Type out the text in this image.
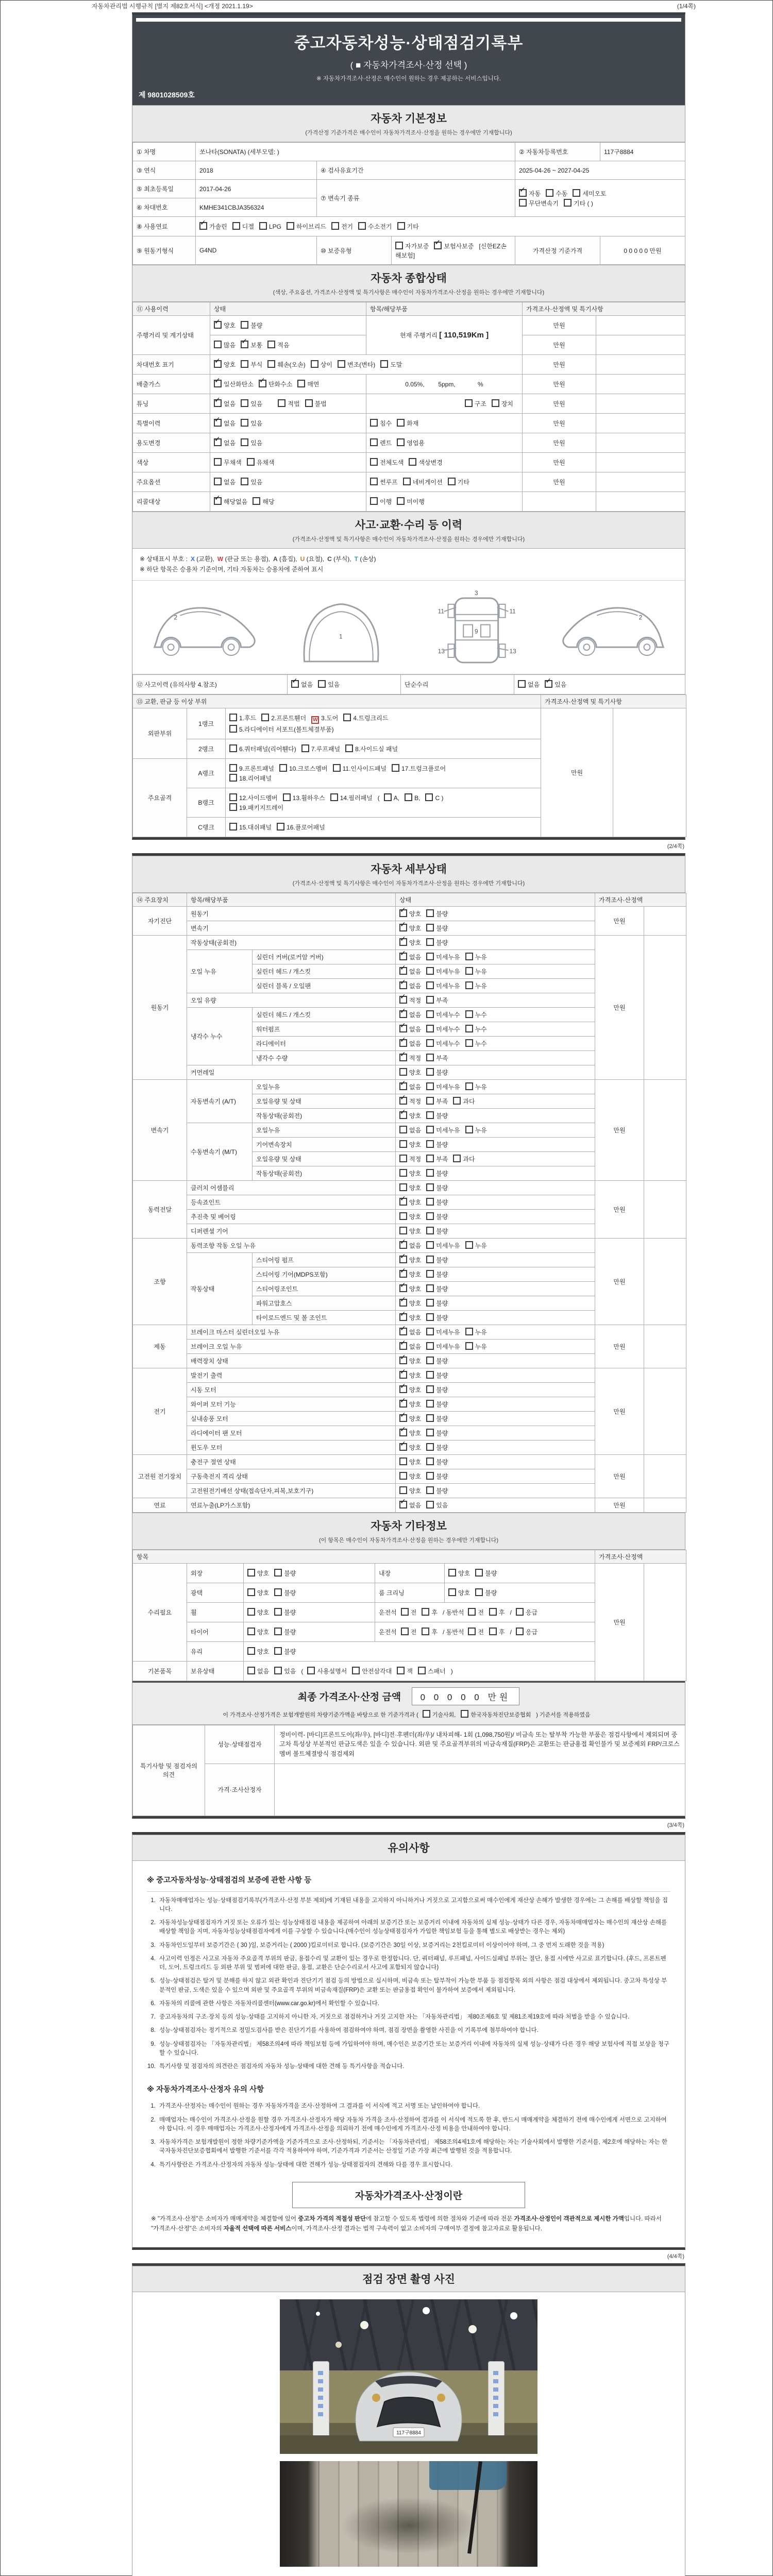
자동차관리법 시행규칙 [별지 제82호서식] <개정 2021.1.19>	(1/4쪽)
중고자동차성능·상태점검기록부
( ■ 자동차가격조사·산정 선택 )
※ 자동차가격조사·산정은 매수인이 원하는 경우 제공하는 서비스입니다.
제 9801028509호
자동차 기본정보
(가격산정 기준가격은 매수인이 자동차가격조사·산정을 원하는 경우에만 기재합니다)
① 차명	쏘나타(SONATA) (세부모델: )			② 자동차등록번호	117구8884
③ 연식	2018	④ 검사유효기간		2025-04-26 ~ 2027-04-25	
⑤ 최초등록일	2017-04-26	⑦ 변속기 종류	✓자동 수동 세미오토
무단변속기 기타 ( )
⑥ 차대번호	KMHE341CBJA356324				
⑧ 사용연료	✓가솔린 디젤 LPG 하이브리드 전기 수소전기 기타
⑨ 원동기형식	G4ND	⑩ 보증유형	자가보증 ✓ 보험사보증 [신한EZ손해보험]	가격산정 기준가격	0 0 0 0 0 만원
자동차 종합상태
(색상, 주요옵션, 가격조사·산정액 및 특기사항은 매수인이 자동차가격조사·산정을 원하는 경우에만 기재합니다)
⑪ 사용이력	상태	항목/해당부품	가격조사·산정액 및 특기사항	
주행거리 및 계기상태	✓양호 불량	현재 주행거리 [ 110,519Km ]	만원	
	많음 ✓ 보통 적음		만원	
차대번호 표기	✓양호 부식 훼손(오손) 상이 변조(변타) 도말		만원	
배출가스	✓일산화탄소 ✓ 탄화수소 매연	0.05%,        5ppm,             %	만원	
튜닝	✓없음 있음　 적법 불법	구조 장치	만원	
특별이력	✓없음 있음	침수 화재	만원	
용도변경	✓없음 있음	렌트 영업용	만원	
색상	무채색 유채색	전체도색 색상변경	만원	
주요옵션	없음 있음	썬루프 네비게이션 기타	만원	
리콜대상	✓해당없음 해당	이행 미이행		
사고·교환·수리 등 이력
(가격조사·산정액 및 특기사항은 매수인이 자동차가격조사·산정을 원하는 경우에만 기재합니다)
※ 상태표시 부호 : X (교환), W (판금 또는 용접), A (흠집), U (요철), C (부식), T (손상)
※ 하단 항목은 승용차 기준이며, 기타 자동차는 승용차에 준하여 표시
2
1
3
9
11	11
13	13
2
⑫ 사고이력 (유의사항 4.참조)	✓없음 있음	단순수리	없음 ✓ 있음
⑬ 교환, 판금 등 이상 부위			가격조사·산정액 및 특기사항	
외판부위	1랭크	1.후드 2.프론트휀더 W 3.도어 4.트렁크리드
5.라디에이터 서포트(볼트체결부품)	만원	
	2랭크	6.쿼터패널(리어휀다) 7.루프패널 8.사이드실 패널		
주요골격	A랭크	9.프론트패널 10.크로스멤버 11.인사이드패널 17.트렁크플로어
18.리어패널		
	B랭크	12.사이드멤버 13.휠하우스 14.필러패널 ( A, B, C )
19.패키지트레이		
	C랭크	15.대쉬패널 16.플로어패널		
(2/4쪽)
자동차 세부상태
(가격조사·산정액 및 특기사항은 매수인이 자동차가격조사·산정을 원하는 경우에만 기재합니다)
⑭ 주요장치	항목/해당부품		상태	가격조사·산정액	
자기진단	원동기	✓양호 불량	만원	
	변속기	✓양호 불량
원동기	작동상태(공회전)	✓양호 불량	만원	
	오일 누유	실린더 커버(로커암 커버)	✓없음 미세누유 누유
		실린더 헤드 / 개스킷	✓없음 미세누유 누유
		실린더 블록 / 오일팬	✓없음 미세누유 누유
	오일 유량	✓적정 부족
	냉각수 누수	실린더 헤드 / 개스킷	✓없음 미세누수 누수
		워터펌프	✓없음 미세누수 누수
		라디에이터	✓없음 미세누수 누수
		냉각수 수량	✓적정 부족
	커먼레일		양호 불량		
변속기	자동변속기 (A/T)	오일누유	✓없음 미세누유 누유	만원	
		오일유량 및 상태	✓적정 부족 과다
		작동상태(공회전)	✓양호 불량
	수동변속기 (M/T)	오일누유	없음 미세누유 누유		
		기어변속장치	양호 불량		
		오일유량 및 상태	적정 부족 과다		
		작동상태(공회전)	양호 불량		
동력전달	클러치 어셈블리		양호 불량	만원	
	등속죠인트	✓양호 불량
	추진축 및 베어링		양호 불량		
	디퍼렌셜 기어		양호 불량		
조향	동력조향 작동 오일 누유	✓없음 미세누유 누유	만원	
	작동상태	스티어링 펌프	✓양호 불량
		스티어링 기어(MDPS포함)	✓양호 불량
		스티어링조인트	✓양호 불량
		파워고압호스	✓양호 불량
		타이로드엔드 및 볼 조인트	✓양호 불량
제동	브레이크 마스터 실린더오일 누유	✓없음 미세누유 누유	만원	
	브레이크 오일 누유	✓없음 미세누유 누유
	배력장치 상태	✓양호 불량
전기	발전기 출력	✓양호 불량	만원	
	시동 모터	✓양호 불량
	와이퍼 모터 기능	✓양호 불량
	실내송풍 모터	✓양호 불량
	라디에이터 팬 모터	✓양호 불량
	윈도우 모터	✓양호 불량
고전원 전기장치	충전구 절연 상태		양호 불량	만원	
	구동축전지 격리 상태		양호 불량		
	고전원전기배선 상태(접속단자,피복,보호기구)		양호 불량		
연료	연료누출(LP가스포함)	✓없음 있음	만원	
자동차 기타정보
(이 항목은 매수인이 자동차가격조사·산정을 원하는 경우에만 기재합니다)
항목					가격조사·산정액	
수리필요	외장	양호 불량	내장	양호 불량	만원	
	광택	양호 불량	룸 크리닝	양호 불량		
	휠	양호 불량	운전석 전 후 / 동반석 전 후 / 응급			
	타이어	양호 불량	운전석 전 후 / 동반석 전 후 / 응급			
	유리	양호 불량				
기본품목	보유상태	없음 있음 ( 사용설명서 안전삼각대 잭 스패너 )				
최종 가격조사·산정 금액 0 0 0 0 0 만원
이 가격조사·산정가격은 보험개발원의 차량기준가액을 바탕으로 한 기준가격과 ( 기술사회,	한국자동차진단보증협회 ) 기준서를 적용하였음
특기사항 및 점검자의 의견	성능·상태점검자	정비이력- [바디]프론트도어(좌/우), [바디]전·후펜더(좌/우)/ 내차피해- 1회 (1,098,750원)/ 비금속 또는 탈부착 가능한 부품은 점검사항에서 제외되며 중고차 특성상 부분적인 판금도색은 있을 수 있습니다. 외판 및 주요골격부위의 비금속재질(FRP)은 교환또는 판금용접 확인불가 및 보증제외 FRP/크로스멤버 볼트체결방식 점검제외
	가격·조사산정자	
(3/4쪽)
유의사항
※ 중고자동차성능·상태점검의 보증에 관한 사항 등
1. 자동차매매업자는 성능·상태점검기록부(가격조사·산정 부분 제외)에 기재된 내용을 고지하지 아니하거나 거짓으로 고지함으로써 매수인에게 재산상 손해가 발생한 경우에는 그 손해를 배상할 책임을 집니다.
2. 자동차성능상태점검자가 거짓 또는 오류가 있는 성능상태점검 내용을 제공하여 아래의 보증기간 또는 보증거리 이내에 자동차의 실제 성능·상태가 다른 경우, 자동차매매업자는 매수인의 재산상 손해를 배상할 책임을 지며, 자동차성능상태점검자에게 이를 구상할 수 있습니다.(매수인이 성능상태점검자가 가입한 책임보험 등을 통해 별도로 배상받는 경우는 제외)
3. 자동차인도일부터 보증기간은 ( 30 )일, 보증거리는 ( 2000 )킬로미터로 합니다. (보증기간은 30일 이상, 보증거리는 2천킬로미터 이상이어야 하며, 그 중 먼저 도래한 것을 적용)
4. 사고이력 인정은 사고로 자동차 주요골격 부위의 판금, 용접수리 및 교환이 있는 경우로 한정합니다. 단, 쿼터패널, 루프패널, 사이드실패널 부위는 절단, 용접 시에만 사고로 표기합니다. (후드, 프론트펜더, 도어, 트렁크리드 등 외판 부위 및 범퍼에 대한 판금, 용접, 교환은 단순수리로서 사고에 포함되지 않습니다)
5. 성능·상태점검은 탈거 및 분해를 하지 않고 외관 확인과 진단기기 점검 등의 방법으로 실시하며, 비금속 또는 탈부착이 가능한 부품 등 점검항목 외의 사항은 점검 대상에서 제외됩니다. 중고차 특성상 부분적인 판금, 도색은 있을 수 있으며 외판 및 주요골격 부위의 비금속재질(FRP)은 교환 또는 판금용접 확인이 불가하여 보증에서 제외됩니다.
6. 자동차의 리콜에 관한 사항은 자동차리콜센터(www.car.go.kr)에서 확인할 수 있습니다.
7. 중고자동차의 구조·장치 등의 성능·상태를 고지하지 아니한 자, 거짓으로 점검하거나 거짓 고지한 자는 「자동차관리법」 제80조제6호 및 제81조제19호에 따라 처벌을 받을 수 있습니다.
8. 성능·상태점검자는 정기적으로 정밀도검사를 받은 진단기기를 사용하여 점검하여야 하며, 점검 장면을 촬영한 사진을 이 기록부에 첨부하여야 합니다.
9. 성능·상태점검자는 「자동차관리법」 제58조의4에 따라 책임보험 등에 가입하여야 하며, 매수인은 보증기간 또는 보증거리 이내에 자동차의 실제 성능·상태가 다른 경우 해당 보험사에 직접 보상을 청구할 수 있습니다.
10. 특기사항 및 점검자의 의견란은 점검자의 자동차 성능·상태에 대한 견해 등 특기사항을 적습니다.
※ 자동차가격조사·산정자 유의 사항
1. 가격조사·산정자는 매수인이 원하는 경우 자동차가격을 조사·산정하여 그 결과를 이 서식에 적고 서명 또는 날인하여야 합니다.
2. 매매업자는 매수인이 가격조사·산정을 원할 경우 가격조사·산정자가 해당 자동차 가격을 조사·산정하여 결과를 이 서식에 적도록 한 후, 반드시 매매계약을 체결하기 전에 매수인에게 서면으로 고지하여야 합니다. 이 경우 매매업자는 가격조사·산정자에게 가격조사·산정을 의뢰하기 전에 매수인에게 가격조사·산정 비용을 안내하여야 합니다.
3. 자동차가격은 보험개발원이 정한 차량기준가액을 기준가격으로 조사·산정하되, 기준서는 「자동차관리법」 제58조의4제1호에 해당하는 자는 기술사회에서 발행한 기준서를, 제2호에 해당하는 자는 한국자동차진단보증협회에서 발행한 기준서를 각각 적용하여야 하며, 기준가격과 기준서는 산정일 기준 가장 최근에 발행된 것을 적용합니다.
4. 특기사항란은 가격조사·산정자의 자동차 성능·상태에 대한 견해가 성능·상태점검자의 견해와 다를 경우 표시합니다.
자동차가격조사·산정이란
※ "가격조사·산정"은 소비자가 매매계약을 체결함에 있어 중고차 가격의 적절성 판단에 참고할 수 있도록 법령에 의한 절차와 기준에 따라 전문 가격조사·산정인이 객관적으로 제시한 가액입니다. 따라서 "가격조사·산정"은 소비자의 자율적 선택에 따른 서비스이며, 가격조사·산정 결과는 법적 구속력이 없고 소비자의 구매여부 결정에 참고자료로 활용됩니다.
(4/4쪽)
점검 장면 촬영 사진
117구8884
